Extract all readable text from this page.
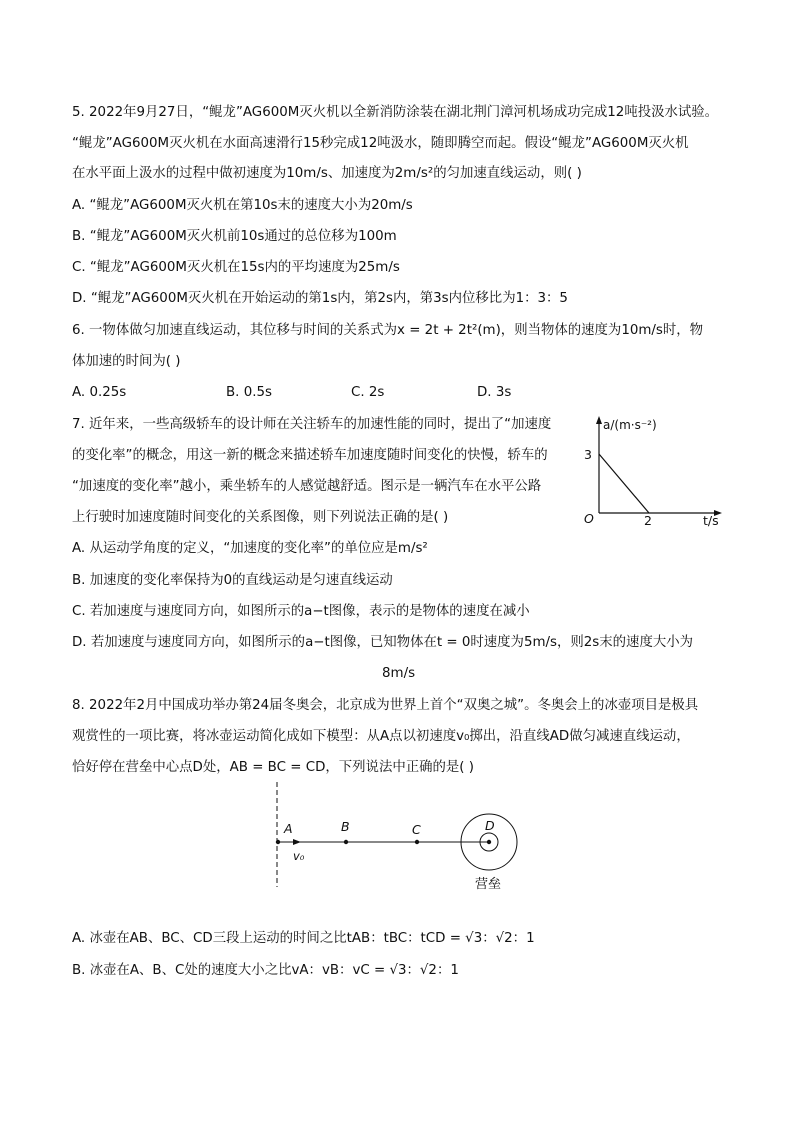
5. 2022年9月27日，“鲲龙”AG600M灭火机以全新消防涂装在湖北荆门漳河机场成功完成12吨投汲水试验。
“鲲龙”AG600M灭火机在水面高速滑行15秒完成12吨汲水，随即腾空而起。假设“鲲龙”AG600M灭火机
在水平面上汲水的过程中做初速度为10m/s、加速度为2m/s²的匀加速直线运动，则( )
A. “鲲龙”AG600M灭火机在第10s末的速度大小为20m/s
B. “鲲龙”AG600M灭火机前10s通过的总位移为100m
C. “鲲龙”AG600M灭火机在15s内的平均速度为25m/s
D. “鲲龙”AG600M灭火机在开始运动的第1s内，第2s内，第3s内位移比为1：3：5
6. 一物体做匀加速直线运动，其位移与时间的关系式为x = 2t + 2t²(m)，则当物体的速度为10m/s时，物
体加速的时间为( )
A. 0.25s	B. 0.5s	C. 2s	D. 3s
7. 近年来，一些高级轿车的设计师在关注轿车的加速性能的同时，提出了“加速度
的变化率”的概念，用这一新的概念来描述轿车加速度随时间变化的快慢，轿车的
“加速度的变化率”越小，乘坐轿车的人感觉越舒适。图示是一辆汽车在水平公路
上行驶时加速度随时间变化的关系图像，则下列说法正确的是( )
a/(m·s⁻²)
t/s
O
3
2
A. 从运动学角度的定义，“加速度的变化率”的单位应是m/s²
B. 加速度的变化率保持为0的直线运动是匀速直线运动
C. 若加速度与速度同方向，如图所示的a−t图像，表示的是物体的速度在减小
D. 若加速度与速度同方向，如图所示的a−t图像，已知物体在t = 0时速度为5m/s，则2s末的速度大小为
8m/s
8. 2022年2月中国成功举办第24届冬奥会，北京成为世界上首个“双奥之城”。冬奥会上的冰壶项目是极具
观赏性的一项比赛，将冰壶运动简化成如下模型：从A点以初速度v₀掷出，沿直线AD做匀减速直线运动，
恰好停在营垒中心点D处，AB = BC = CD，下列说法中正确的是( )
A	B	C	D
v₀
营垒
A. 冰壶在AB、BC、CD三段上运动的时间之比tAB：tBC：tCD = √3：√2：1
B. 冰壶在A、B、C处的速度大小之比vA：vB：vC = √3：√2：1
